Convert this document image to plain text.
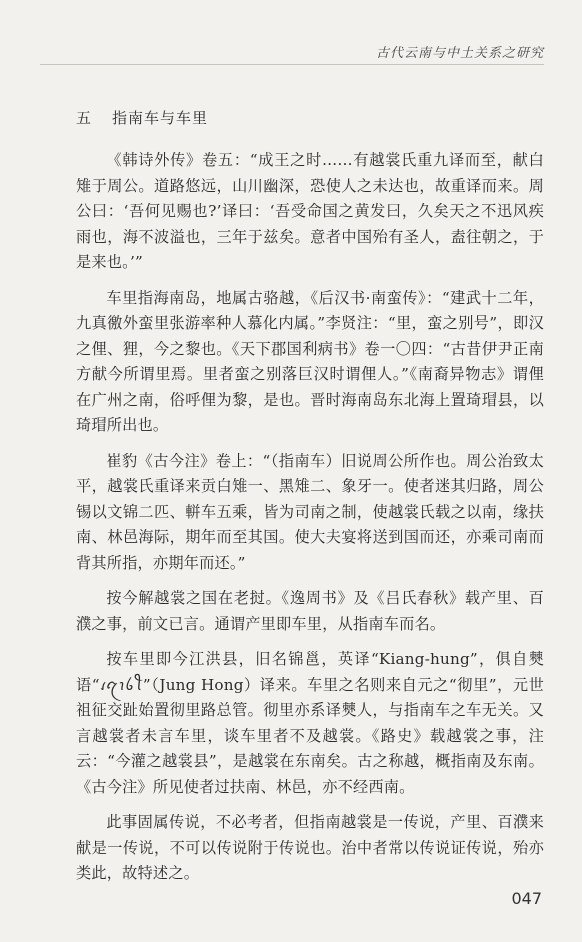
古代云南与中土关系之研究
五 指南车与车里

《韩诗外传》卷五：“成王之时……有越裳氏重九译而至，献白雉于周公。道路悠远，山川幽深，恐使人之未达也，故重译而来。周公曰：‘吾何见赐也?’译曰：‘吾受命国之黄发曰，久矣天之不迅风疾雨也，海不波溢也，三年于兹矣。意者中国殆有圣人，盍往朝之，于是来也。’”

车里指海南岛，地属古骆越，《后汉书·南蛮传》：“建武十二年，九真徼外蛮里张游率种人慕化内属。”李贤注：“里，蛮之别号”，即汉之俚、狸，今之黎也。《天下郡国利病书》卷一〇四：“古昔伊尹正南方献今所谓里焉。里者蛮之别落巨汉时谓俚人。”《南裔异物志》谓俚在广州之南，俗呼俚为黎，是也。晋时海南岛东北海上置琦瑁县，以琦瑁所出也。

崔豹《古今注》卷上：“（指南车）旧说周公所作也。周公治致太平，越裳氏重译来贡白雉一、黑雉二、象牙一。使者迷其归路，周公锡以文锦二匹、軿车五乘，皆为司南之制，使越裳氏载之以南，缘扶南、林邑海际，期年而至其国。使大夫宴将送到国而还，亦乘司南而背其所指，亦期年而还。”

按今解越裳之国在老挝。《逸周书》及《吕氏春秋》载产里、百濮之事，前文已言。通谓产里即车里，从指南车而名。

按车里即今江洪县，旧名锦邕，英译“Kiang-hung”，俱自僰语“ꪹꪋꪱꪉꪻ”（Jung Hong）译来。车里之名则来自元之“彻里”，元世祖征交趾始置彻里路总管。彻里亦系译僰人，与指南车之车无关。又言越裳者未言车里，谈车里者不及越裳。《路史》载越裳之事，注云：“今灌之越裳县”，是越裳在东南矣。古之称越，概指南及东南。《古今注》所见使者过扶南、林邑，亦不经西南。

此事固属传说，不必考者，但指南越裳是一传说，产里、百濮来献是一传说，不可以传说附于传说也。治中者常以传说证传说，殆亦类此，故特述之。

047
